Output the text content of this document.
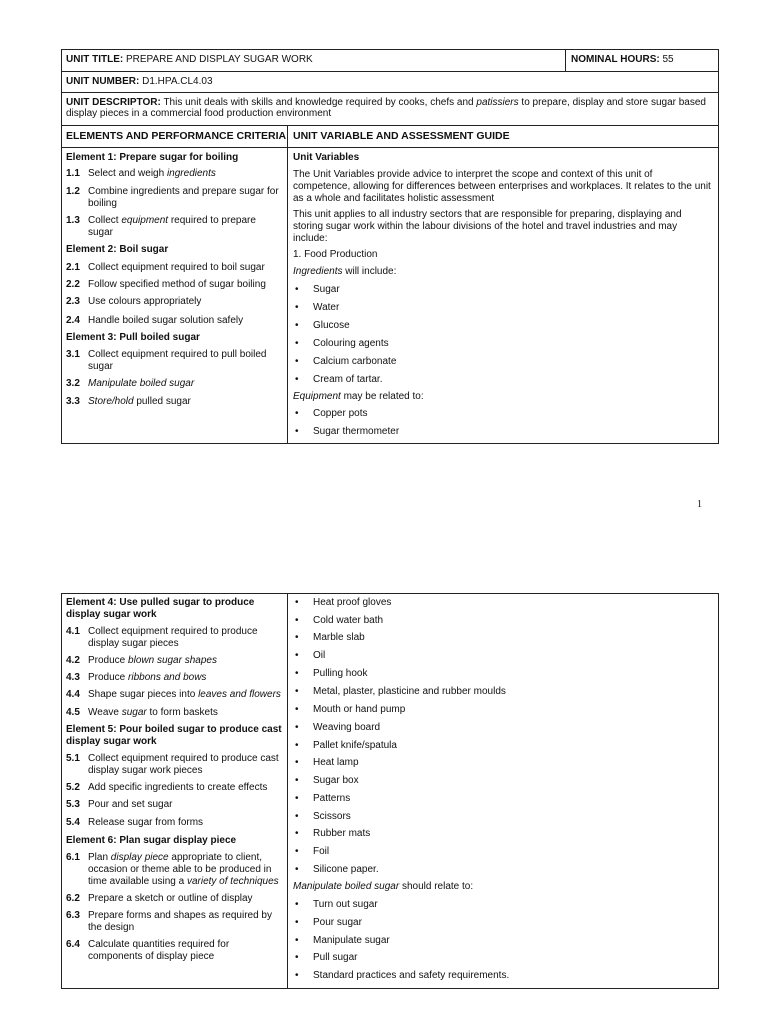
UNIT TITLE: PREPARE AND DISPLAY SUGAR WORK	NOMINAL HOURS: 55
UNIT NUMBER: D1.HPA.CL4.03
UNIT DESCRIPTOR: This unit deals with skills and knowledge required by cooks, chefs and patissiers to prepare, display and store sugar based
display pieces in a commercial food production environment
ELEMENTS AND PERFORMANCE CRITERIA UNIT VARIABLE AND ASSESSMENT GUIDE
Element 1: Prepare sugar for boiling
1.1 Select and weigh ingredients
1.2 Combine ingredients and prepare sugar for
boiling
1.3 Collect equipment required to prepare
sugar
Element 2: Boil sugar
2.1 Collect equipment required to boil sugar
2.2 Follow specified method of sugar boiling
2.3 Use colours appropriately
2.4 Handle boiled sugar solution safely
Element 3: Pull boiled sugar
3.1 Collect equipment required to pull boiled
sugar
3.2 Manipulate boiled sugar
3.3 Store/hold pulled sugar
Unit Variables
The Unit Variables provide advice to interpret the scope and context of this unit of
competence, allowing for differences between enterprises and workplaces. It relates to the unit
as a whole and facilitates holistic assessment
This unit applies to all industry sectors that are responsible for preparing, displaying and
storing sugar work within the labour divisions of the hotel and travel industries and may
include:
1. Food Production
Ingredients will include:
• Sugar
• Water
• Glucose
• Colouring agents
• Calcium carbonate
• Cream of tartar.
Equipment may be related to:
• Copper pots
• Sugar thermometer
1
Element 4: Use pulled sugar to produce
display sugar work
4.1 Collect equipment required to produce
display sugar pieces
4.2 Produce blown sugar shapes
4.3 Produce ribbons and bows
4.4 Shape sugar pieces into leaves and flowers
4.5 Weave sugar to form baskets
Element 5: Pour boiled sugar to produce cast
display sugar work
5.1 Collect equipment required to produce cast
display sugar work pieces
5.2 Add specific ingredients to create effects
5.3 Pour and set sugar
5.4 Release sugar from forms
Element 6: Plan sugar display piece
6.1 Plan display piece appropriate to client,
occasion or theme able to be produced in
time available using a variety of techniques
6.2 Prepare a sketch or outline of display
6.3 Prepare forms and shapes as required by
the design
6.4 Calculate quantities required for
components of display piece
• Heat proof gloves
• Cold water bath
• Marble slab
• Oil
• Pulling hook
• Metal, plaster, plasticine and rubber moulds
• Mouth or hand pump
• Weaving board
• Pallet knife/spatula
• Heat lamp
• Sugar box
• Patterns
• Scissors
• Rubber mats
• Foil
• Silicone paper.
Manipulate boiled sugar should relate to:
• Turn out sugar
• Pour sugar
• Manipulate sugar
• Pull sugar
• Standard practices and safety requirements.
